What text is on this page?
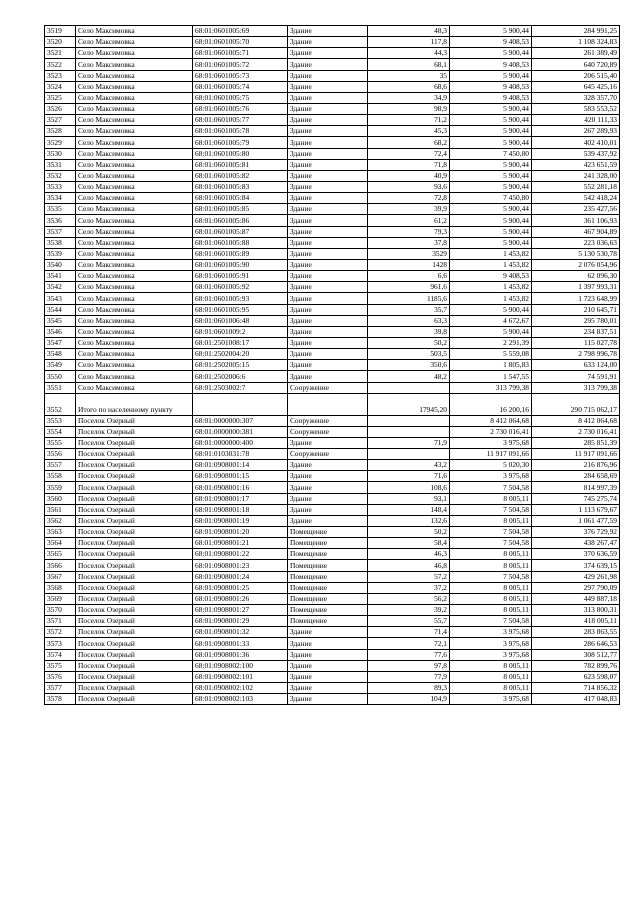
3519	Село Максимовка	68:01:0601005:69	Здание	48,3	5 900,44	284 991,25
3520	Село Максимовка	68:01:0601005:70	Здание	117,8	9 408,53	1 108 324,83
3521	Село Максимовка	68:01:0601005:71	Здание	44,3	5 900,44	261 389,49
3522	Село Максимовка	68:01:0601005:72	Здание	68,1	9 408,53	640 720,89
3523	Село Максимовка	68:01:0601005:73	Здание	35	5 900,44	206 515,40
3524	Село Максимовка	68:01:0601005:74	Здание	68,6	9 408,53	645 425,16
3525	Село Максимовка	68:01:0601005:75	Здание	34,9	9 408,53	328 357,70
3526	Село Максимовка	68:01:0601005:76	Здание	98,9	5 900,44	583 553,52
3527	Село Максимовка	68:01:0601005:77	Здание	71,2	5 900,44	420 111,33
3528	Село Максимовка	68:01:0601005:78	Здание	45,3	5 900,44	267 289,93
3529	Село Максимовка	68:01:0601005:79	Здание	68,2	5 900,44	402 410,01
3530	Село Максимовка	68:01:0601005:80	Здание	72,4	7 450,80	539 437,92
3531	Село Максимовка	68:01:0601005:81	Здание	71,8	5 900,44	423 651,59
3532	Село Максимовка	68:01:0601005:82	Здание	40,9	5 900,44	241 328,00
3533	Село Максимовка	68:01:0601005:83	Здание	93,6	5 900,44	552 281,18
3534	Село Максимовка	68:01:0601005:84	Здание	72,8	7 450,80	542 418,24
3535	Село Максимовка	68:01:0601005:85	Здание	39,9	5 900,44	235 427,56
3536	Село Максимовка	68:01:0601005:86	Здание	61,2	5 900,44	361 106,93
3537	Село Максимовка	68:01:0601005:87	Здание	79,3	5 900,44	467 904,89
3538	Село Максимовка	68:01:0601005:88	Здание	37,8	5 900,44	223 036,63
3539	Село Максимовка	68:01:0601005:89	Здание	3529	1 453,82	5 130 530,78
3540	Село Максимовка	68:01:0601005:90	Здание	1428	1 453,82	2 076 054,96
3541	Село Максимовка	68:01:0601005:91	Здание	6,6	9 408,53	62 096,30
3542	Село Максимовка	68:01:0601005:92	Здание	961,6	1 453,82	1 397 993,31
3543	Село Максимовка	68:01:0601005:93	Здание	1185,6	1 453,82	1 723 648,99
3544	Село Максимовка	68:01:0601005:95	Здание	35,7	5 900,44	210 645,71
3545	Село Максимовка	68:01:0601006:48	Здание	63,3	4 672,67	295 780,01
3546	Село Максимовка	68:01:0601009:2	Здание	39,8	5 900,44	234 837,51
3547	Село Максимовка	68:01:2501008:17	Здание	50,2	2 291,39	115 027,78
3548	Село Максимовка	68:01:2502004:20	Здание	503,5	5 559,08	2 798 996,78
3549	Село Максимовка	68:01:2502005:15	Здание	350,6	1 805,83	633 124,00
3550	Село Максимовка	68:01:2502006:6	Здание	48,2	1 547,55	74 591,91
3551	Село Максимовка	68:01:2503002:7	Сооружение		313 799,38	313 799,38
3552	Итого по населенному пункту			17945,20	16 200,16	290 715 062,17
3553	Поселок Озерный	68:01:0000000:307	Сооружение		8 412 064,68	8 412 064,68
3554	Поселок Озерный	68:01:0000000:381	Сооружение		2 730 016,41	2 730 016,41
3555	Поселок Озерный	68:01:0000000:400	Здание	71,9	3 975,68	285 851,39
3556	Поселок Озерный	68:01:0103031:78	Сооружение		11 917 091,66	11 917 091,66
3557	Поселок Озерный	68:01:0908001:14	Здание	43,2	5 020,30	216 876,96
3558	Поселок Озерный	68:01:0908001:15	Здание	71,6	3 975,68	284 658,69
3559	Поселок Озерный	68:01:0908001:16	Здание	108,6	7 504,58	814 997,39
3560	Поселок Озерный	68:01:0908001:17	Здание	93,1	8 005,11	745 275,74
3561	Поселок Озерный	68:01:0908001:18	Здание	148,4	7 504,58	1 113 679,67
3562	Поселок Озерный	68:01:0908001:19	Здание	132,6	8 005,11	1 061 477,59
3563	Поселок Озерный	68:01:0908001:20	Помещение	50,2	7 504,58	376 729,92
3564	Поселок Озерный	68:01:0908001:21	Помещение	58,4	7 504,58	438 267,47
3565	Поселок Озерный	68:01:0908001:22	Помещение	46,3	8 005,11	370 636,59
3566	Поселок Озерный	68:01:0908001:23	Помещение	46,8	8 005,11	374 639,15
3567	Поселок Озерный	68:01:0908001:24	Помещение	57,2	7 504,58	429 261,98
3568	Поселок Озерный	68:01:0908001:25	Помещение	37,2	8 005,11	297 790,09
3569	Поселок Озерный	68:01:0908001:26	Помещение	56,2	8 005,11	449 887,18
3570	Поселок Озерный	68:01:0908001:27	Помещение	39,2	8 005,11	313 800,31
3571	Поселок Озерный	68:01:0908001:29	Помещение	55,7	7 504,58	418 005,11
3572	Поселок Озерный	68:01:0908001:32	Здание	71,4	3 975,68	283 863,55
3573	Поселок Озерный	68:01:0908001:33	Здание	72,1	3 975,68	286 646,53
3574	Поселок Озерный	68:01:0908001:36	Здание	77,6	3 975,68	308 512,77
3575	Поселок Озерный	68:01:0908002:100	Здание	97,8	8 005,11	782 899,76
3576	Поселок Озерный	68:01:0908002:101	Здание	77,9	8 005,11	623 598,07
3577	Поселок Озерный	68:01:0908002:102	Здание	89,3	8 005,11	714 856,32
3578	Поселок Озерный	68:01:0908002:103	Здание	104,9	3 975,68	417 048,83
